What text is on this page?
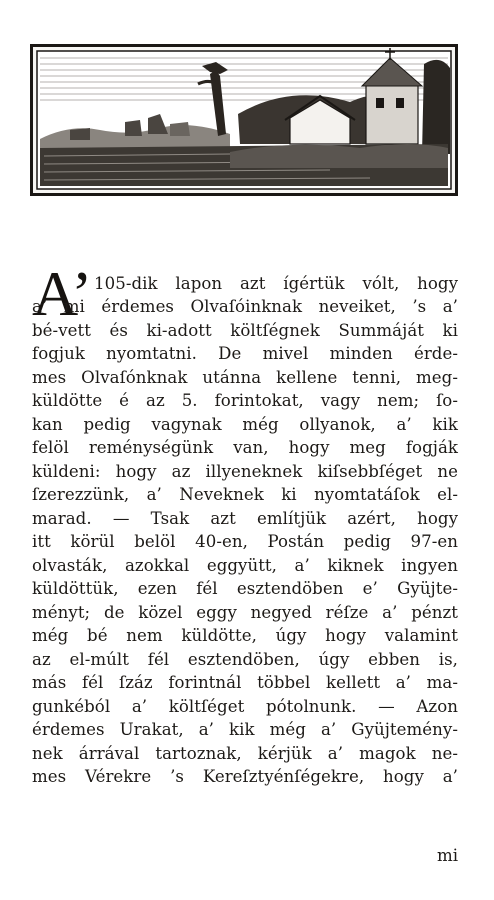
A’ 105-dik lapon azt ígértük vólt, hogy
a’ mi érdemes Olvaſóinknak neveiket, ’s a’
bé-vett és ki-adott költſégnek Summáját ki
fogjuk nyomtatni. De mivel minden érde-
mes Olvaſónknak utánna kellene tenni, meg-
küldötte é az 5. forintokat, vagy nem; ſo-
kan pedig vagynak még ollyanok, a’ kik
felöl reménységünk van, hogy meg fogják
küldeni: hogy az illyeneknek kiſsebbſéget ne
ſzerezzünk, a’ Neveknek ki nyomtatáſok el-
marad. — Tsak azt említjük azért, hogy
itt körül belöl 40-en, Postán pedig 97-en
olvasták, azokkal eggyütt, a’ kiknek ingyen
küldöttük, ezen fél esztendöben e’ Gyüjte-
ményt; de közel eggy negyed réſze a’ pénzt
még bé nem küldötte, úgy hogy valamint
az el-múlt fél esztendöben, úgy ebben is,
más fél ſzáz forintnál többel kellett a’ ma-
gunkéból a’ költſéget pótolnunk. — Azon
érdemes Urakat, a’ kik még a’ Gyüjtemény-
nek árrával tartoznak, kérjük a’ magok ne-
mes Vérekre ’s Kereſztyénſégekre, hogy a’
mi
